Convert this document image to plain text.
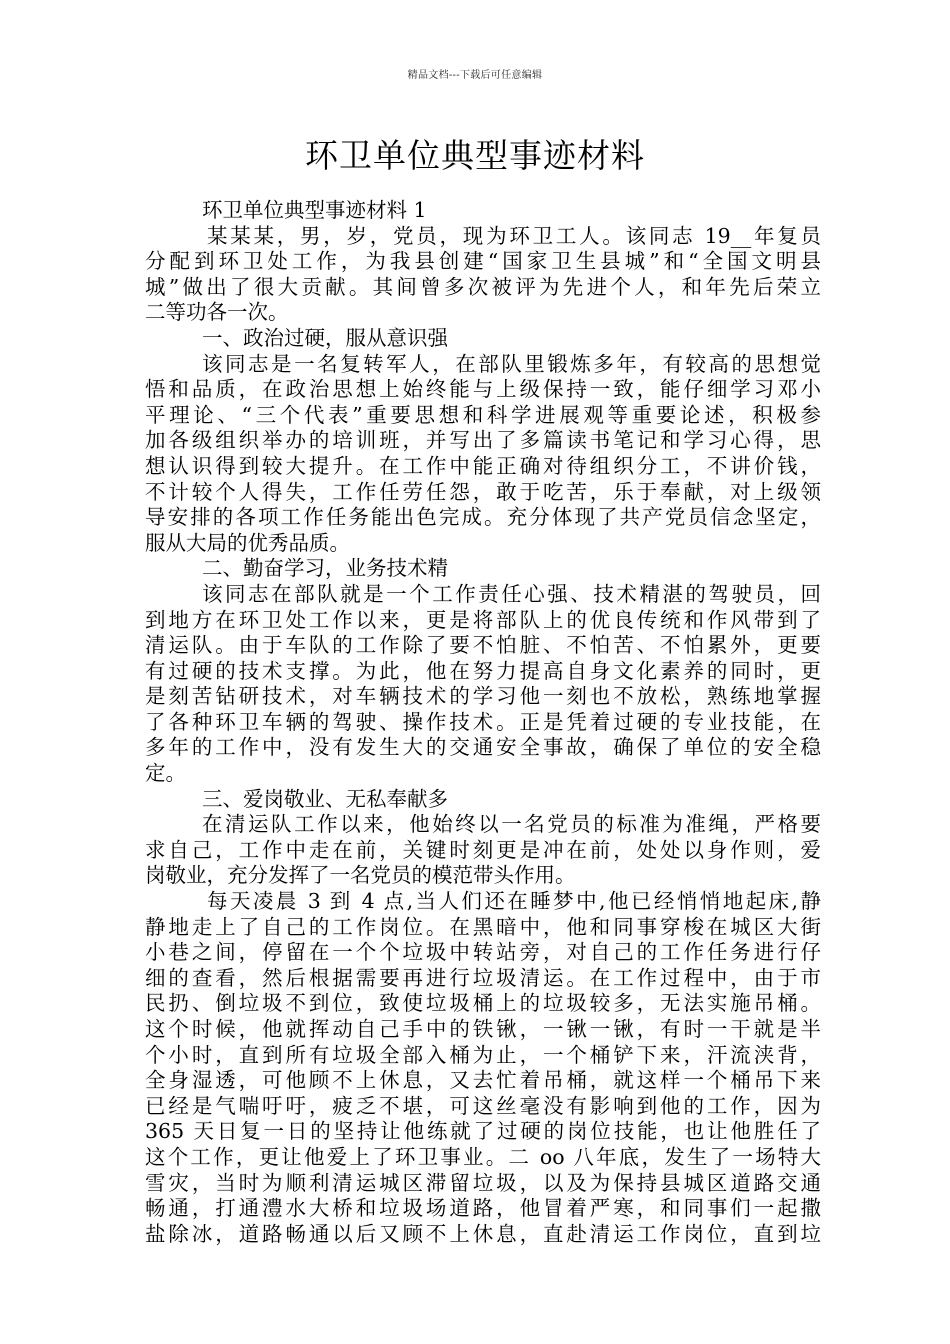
精品文档---下载后可任意编辑
环卫单位典型事迹材料
环卫单位典型事迹材料 1
某某某，男，岁，党员，现为环卫工人。该同志 19__年复员
分配到环卫处工作，为我县创建“国家卫生县城”和“全国文明县
城”做出了很大贡献。其间曾多次被评为先进个人，和年先后荣立
二等功各一次。
一、政治过硬，服从意识强
该同志是一名复转军人，在部队里锻炼多年，有较高的思想觉
悟和品质，在政治思想上始终能与上级保持一致，能仔细学习邓小
平理论、“三个代表”重要思想和科学进展观等重要论述，积极参
加各级组织举办的培训班，并写出了多篇读书笔记和学习心得，思
想认识得到较大提升。在工作中能正确对待组织分工，不讲价钱，
不计较个人得失，工作任劳任怨，敢于吃苦，乐于奉献，对上级领
导安排的各项工作任务能出色完成。充分体现了共产党员信念坚定，
服从大局的优秀品质。
二、勤奋学习，业务技术精
该同志在部队就是一个工作责任心强、技术精湛的驾驶员，回
到地方在环卫处工作以来，更是将部队上的优良传统和作风带到了
清运队。由于车队的工作除了要不怕脏、不怕苦、不怕累外，更要
有过硬的技术支撑。为此，他在努力提高自身文化素养的同时，更
是刻苦钻研技术，对车辆技术的学习他一刻也不放松，熟练地掌握
了各种环卫车辆的驾驶、操作技术。正是凭着过硬的专业技能，在
多年的工作中，没有发生大的交通安全事故，确保了单位的安全稳
定。
三、爱岗敬业、无私奉献多
在清运队工作以来，他始终以一名党员的标准为准绳，严格要
求自己，工作中走在前，关键时刻更是冲在前，处处以身作则，爱
岗敬业，充分发挥了一名党员的模范带头作用。
每天凌晨 3 到 4 点,当人们还在睡梦中,他已经悄悄地起床,静
静地走上了自己的工作岗位。在黑暗中，他和同事穿梭在城区大街
小巷之间，停留在一个个垃圾中转站旁，对自己的工作任务进行仔
细的查看，然后根据需要再进行垃圾清运。在工作过程中，由于市
民扔、倒垃圾不到位，致使垃圾桶上的垃圾较多，无法实施吊桶。
这个时候，他就挥动自己手中的铁锹，一锹一锹，有时一干就是半
个小时，直到所有垃圾全部入桶为止，一个桶铲下来，汗流浃背，
全身湿透，可他顾不上休息，又去忙着吊桶，就这样一个桶吊下来
已经是气喘吁吁，疲乏不堪，可这丝毫没有影响到他的工作，因为
365 天日复一日的坚持让他练就了过硬的岗位技能，也让他胜任了
这个工作，更让他爱上了环卫事业。二 oo 八年底，发生了一场特大
雪灾，当时为顺利清运城区滞留垃圾，以及为保持县城区道路交通
畅通，打通澧水大桥和垃圾场道路，他冒着严寒，和同事们一起撒
盐除冰，道路畅通以后又顾不上休息，直赴清运工作岗位，直到垃
